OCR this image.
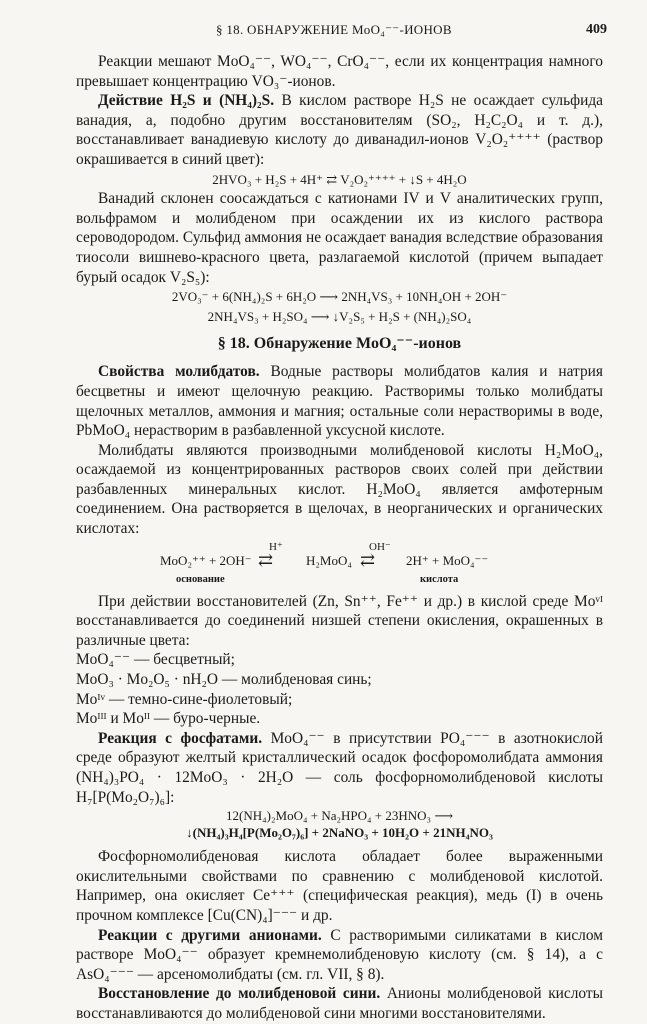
§ 18. ОБНАРУЖЕНИЕ MoO₄⁻⁻-ИОНОВ	409

Реакции мешают MoO₄⁻⁻, WO₄⁻⁻, CrO₄⁻⁻, если их концентрация намного превышает концентрацию VO₃⁻-ионов.

Действие H₂S и (NH₄)₂S. В кислом растворе H₂S не осаждает сульфида ванадия, а, подобно другим восстановителям (SO₂, H₂C₂O₄ и т. д.), восстанавливает ванадиевую кислоту до диванадил-ионов V₂O₂⁺⁺⁺⁺ (раствор окрашивается в синий цвет):

2HVO₃ + H₂S + 4H⁺ ⇄ V₂O₂⁺⁺⁺⁺ + ↓S + 4H₂O

Ванадий склонен соосаждаться с катионами IV и V аналитических групп, вольфрамом и молибденом при осаждении их из кислого раствора сероводородом. Сульфид аммония не осаждает ванадия вследствие образования тиосоли вишнево-красного цвета, разлагаемой кислотой (причем выпадает бурый осадок V₂S₅):

2VO₃⁻ + 6(NH₄)₂S + 6H₂O ⟶ 2NH₄VS₃ + 10NH₄OH + 2OH⁻
2NH₄VS₃ + H₂SO₄ ⟶ ↓V₂S₅ + H₂S + (NH₄)₂SO₄
§ 18. Обнаружение MoO₄⁻⁻-ионов

Свойства молибдатов. Водные растворы молибдатов калия и натрия бесцветны и имеют щелочную реакцию. Растворимы только молибдаты щелочных металлов, аммония и магния; остальные соли нерастворимы в воде, PbMoO₄ нерастворим в разбавленной уксусной кислоте.

Молибдаты являются производными молибденовой кислоты H₂MoO₄, осаждаемой из концентрированных растворов своих солей при действии разбавленных минеральных кислот. H₂MoO₄ является амфотерным соединением. Она растворяется в щелочах, в неорганических и органических кислотах:

MoO₂⁺⁺ + 2OH⁻
H⁺
⇄	H₂MoO₄
OH⁻
⇄ 2H⁺ + MoO₄⁻⁻
основание	кислота

При действии восстановителей (Zn, Sn⁺⁺, Fe⁺⁺ и др.) в кислой среде Moᵛᴵ восстанавливается до соединений низшей степени окисления, окрашенных в различные цвета:

MoO₄⁻⁻ — бесцветный;

MoO₃ · Mo₂O₅ · nH₂O — молибденовая синь;

Moᴵᵛ — темно-сине-фиолетовый;

Moᴵᴵᴵ и Moᴵᴵ — буро-черные.

Реакция с фосфатами. MoO₄⁻⁻ в присутствии PO₄⁻⁻⁻ в азотнокислой среде образуют желтый кристаллический осадок фосфоромолибдата аммония (NH₄)₃PO₄ · 12MoO₃ · 2H₂O — соль фосфорномолибденовой кислоты H₇[P(Mo₂O₇)₆]:

12(NH₄)₂MoO₄ + Na₂HPO₄ + 23HNO₃ ⟶
↓(NH₄)₃H₄[P(Mo₂O₇)₆] + 2NaNO₃ + 10H₂O + 21NH₄NO₃

Фосфорномолибденовая кислота обладает более выраженными окислительными свойствами по сравнению с молибденовой кислотой. Например, она окисляет Ce⁺⁺⁺ (специфическая реакция), медь (I) в очень прочном комплексе [Cu(CN)₄]⁻⁻⁻ и др.

Реакции с другими анионами. С растворимыми силикатами в кислом растворе MoO₄⁻⁻ образует кремнемолибденовую кислоту (см. § 14), а с AsO₄⁻⁻⁻ — арсеномолибдаты (см. гл. VII, § 8).

Восстановление до молибденовой сини. Анионы молибденовой кислоты восстанавливаются до молибденовой сини многими восстановителями.
